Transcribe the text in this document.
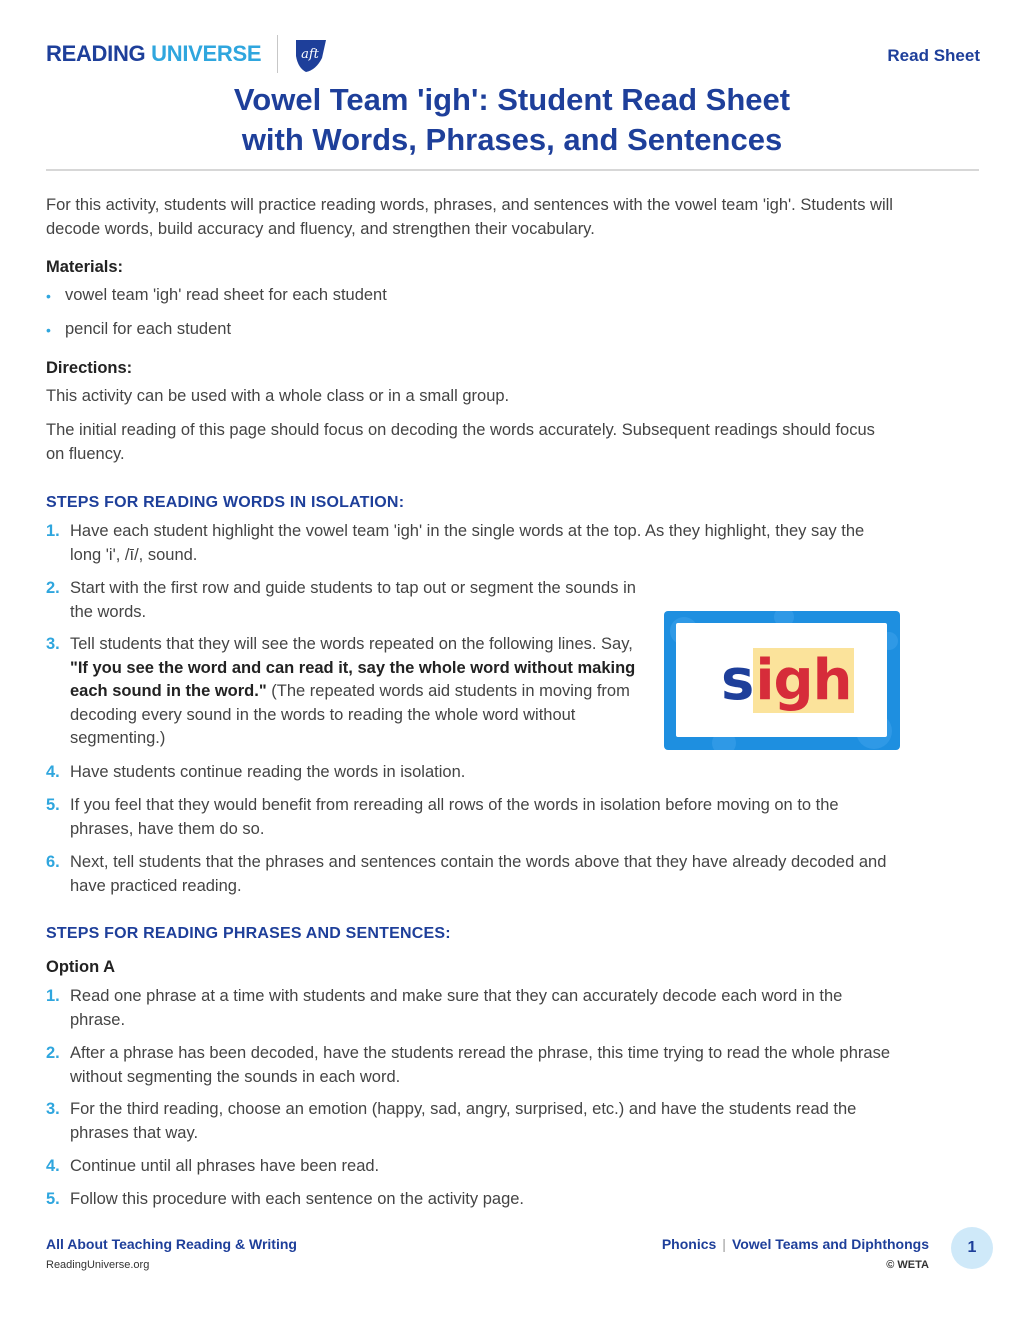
READING UNIVERSE	aft	Read Sheet
Vowel Team 'igh': Student Read Sheet
with Words, Phrases, and Sentences
For this activity, students will practice reading words, phrases, and sentences with the vowel team 'igh'. Students will decode words, build accuracy and fluency, and strengthen their vocabulary.
Materials:
• vowel team 'igh' read sheet for each student
• pencil for each student
Directions:
This activity can be used with a whole class or in a small group.
The initial reading of this page should focus on decoding the words accurately. Subsequent readings should focus on fluency.
STEPS FOR READING WORDS IN ISOLATION:
1. Have each student highlight the vowel team 'igh' in the single words at the top. As they highlight, they say the long 'i', /ī/, sound.
2. Start with the first row and guide students to tap out or segment the sounds in the words.
3. Tell students that they will see the words repeated on the following lines. Say, "If you see the word and can read it, say the whole word without making each sound in the word." (The repeated words aid students in moving from decoding every sound in the words to reading the whole word without segmenting.)
4. Have students continue reading the words in isolation.
5. If you feel that they would benefit from rereading all rows of the words in isolation before moving on to the phrases, have them do so.
6. Next, tell students that the phrases and sentences contain the words above that they have already decoded and have practiced reading.
sigh
STEPS FOR READING PHRASES AND SENTENCES:
Option A
1. Read one phrase at a time with students and make sure that they can accurately decode each word in the phrase.
2. After a phrase has been decoded, have the students reread the phrase, this time trying to read the whole phrase without segmenting the sounds in each word.
3. For the third reading, choose an emotion (happy, sad, angry, surprised, etc.) and have the students read the phrases that way.
4. Continue until all phrases have been read.
5. Follow this procedure with each sentence on the activity page.
All About Teaching Reading & Writing
ReadingUniverse.org
Phonics | Vowel Teams and Diphthongs
© WETA
1
